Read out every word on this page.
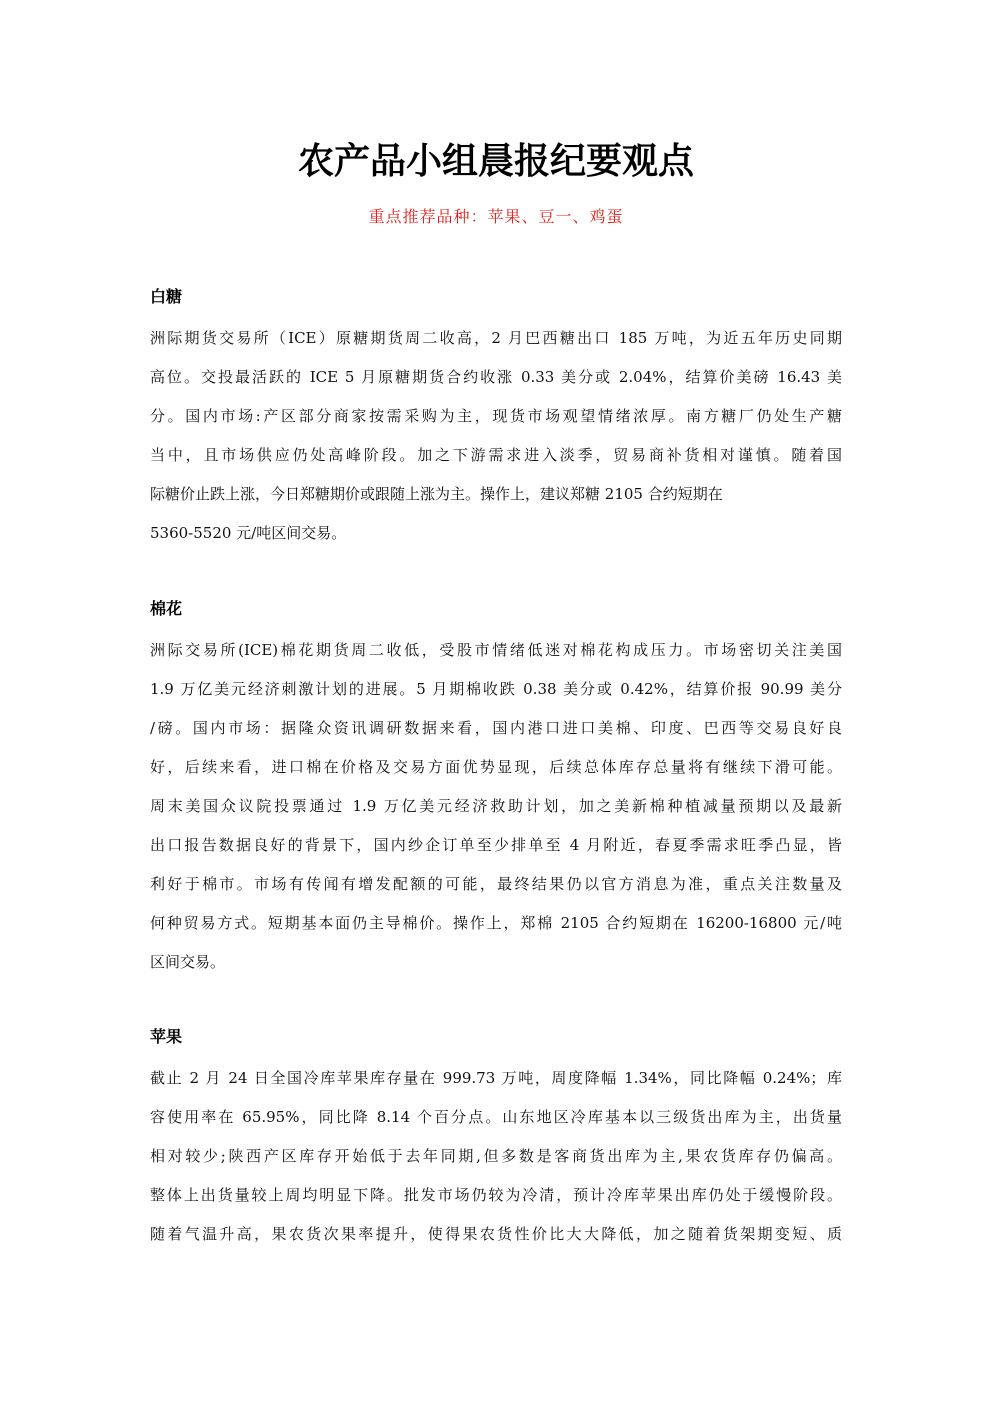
农产品小组晨报纪要观点

重点推荐品种：苹果、豆一、鸡蛋

白糖
洲际期货交易所（ICE）原糖期货周二收高，2 月巴西糖出口 185 万吨，为近五年历史同期
高位。交投最活跃的 ICE 5 月原糖期货合约收涨 0.33 美分或 2.04%，结算价美磅 16.43 美
分。国内市场:产区部分商家按需采购为主，现货市场观望情绪浓厚。南方糖厂仍处生产糖
当中，且市场供应仍处高峰阶段。加之下游需求进入淡季，贸易商补货相对谨慎。随着国
际糖价止跌上涨，今日郑糖期价或跟随上涨为主。操作上，建议郑糖 2105 合约短期在
5360-5520 元/吨区间交易。
棉花
洲际交易所(ICE)棉花期货周二收低，受股市情绪低迷对棉花构成压力。市场密切关注美国
1.9 万亿美元经济刺激计划的进展。5 月期棉收跌 0.38 美分或 0.42%，结算价报 90.99 美分
/磅。国内市场：据隆众资讯调研数据来看，国内港口进口美棉、印度、巴西等交易良好良
好，后续来看，进口棉在价格及交易方面优势显现，后续总体库存总量将有继续下滑可能。
周末美国众议院投票通过 1.9 万亿美元经济救助计划，加之美新棉种植减量预期以及最新
出口报告数据良好的背景下，国内纱企订单至少排单至 4 月附近，春夏季需求旺季凸显，皆
利好于棉市。市场有传闻有增发配额的可能，最终结果仍以官方消息为准，重点关注数量及
何种贸易方式。短期基本面仍主导棉价。操作上，郑棉 2105 合约短期在 16200-16800 元/吨
区间交易。
苹果
截止 2 月 24 日全国冷库苹果库存量在 999.73 万吨，周度降幅 1.34%，同比降幅 0.24%；库
容使用率在 65.95%，同比降 8.14 个百分点。山东地区冷库基本以三级货出库为主，出货量
相对较少;陕西产区库存开始低于去年同期,但多数是客商货出库为主,果农货库存仍偏高。
整体上出货量较上周均明显下降。批发市场仍较为冷清，预计冷库苹果出库仍处于缓慢阶段。
随着气温升高，果农货次果率提升，使得果农货性价比大大降低，加之随着货架期变短、质
